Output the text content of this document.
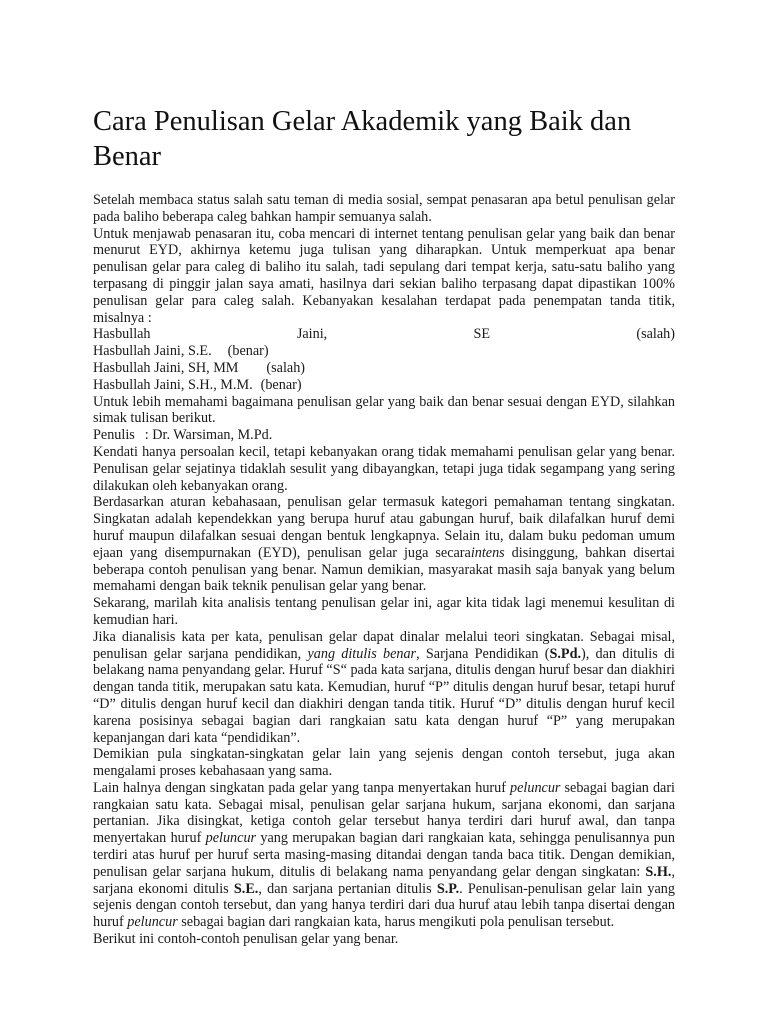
Cara Penulisan Gelar Akademik yang Baik dan Benar

Setelah membaca status salah satu teman di media sosial, sempat penasaran apa betul penulisan gelar pada baliho beberapa caleg bahkan hampir semuanya salah.

Untuk menjawab penasaran itu, coba mencari di internet tentang penulisan gelar yang baik dan benar menurut EYD, akhirnya ketemu juga tulisan yang diharapkan. Untuk memperkuat apa benar penulisan gelar para caleg di baliho itu salah, tadi sepulang dari tempat kerja, satu-satu baliho yang terpasang di pinggir jalan saya amati, hasilnya dari sekian baliho terpasang dapat dipastikan 100% penulisan gelar para caleg salah. Kebanyakan kesalahan terdapat pada penempatan tanda titik, misalnya :

Hasbullah	Jaini,	SE	(salah)
Hasbullah Jaini, S.E. (benar)
Hasbullah Jaini, SH, MM (salah)
Hasbullah Jaini, S.H., M.M. (benar)

Untuk lebih memahami bagaimana penulisan gelar yang baik dan benar sesuai dengan EYD, silahkan simak tulisan berikut.

Penulis : Dr. Warsiman, M.Pd.

Kendati hanya persoalan kecil, tetapi kebanyakan orang tidak memahami penulisan gelar yang benar. Penulisan gelar sejatinya tidaklah sesulit yang dibayangkan, tetapi juga tidak segampang yang sering dilakukan oleh kebanyakan orang.

Berdasarkan aturan kebahasaan, penulisan gelar termasuk kategori pemahaman tentang singkatan. Singkatan adalah kependekkan yang berupa huruf atau gabungan huruf, baik dilafalkan huruf demi huruf maupun dilafalkan sesuai dengan bentuk lengkapnya. Selain itu, dalam buku pedoman umum ejaan yang disempurnakan (EYD), penulisan gelar juga secaraintens disinggung, bahkan disertai beberapa contoh penulisan yang benar. Namun demikian, masyarakat masih saja banyak yang belum memahami dengan baik teknik penulisan gelar yang benar.

Sekarang, marilah kita analisis tentang penulisan gelar ini, agar kita tidak lagi menemui kesulitan di kemudian hari.

Jika dianalisis kata per kata, penulisan gelar dapat dinalar melalui teori singkatan. Sebagai misal, penulisan gelar sarjana pendidikan, yang ditulis benar, Sarjana Pendidikan (S.Pd.), dan ditulis di belakang nama penyandang gelar. Huruf “S“ pada kata sarjana, ditulis dengan huruf besar dan diakhiri dengan tanda titik, merupakan satu kata. Kemudian, huruf “P” ditulis dengan huruf besar, tetapi huruf “D” ditulis dengan huruf kecil dan diakhiri dengan tanda titik. Huruf “D” ditulis dengan huruf kecil karena posisinya sebagai bagian dari rangkaian satu kata dengan huruf “P” yang merupakan kepanjangan dari kata “pendidikan”.

Demikian pula singkatan-singkatan gelar lain yang sejenis dengan contoh tersebut, juga akan mengalami proses kebahasaan yang sama.

Lain halnya dengan singkatan pada gelar yang tanpa menyertakan huruf peluncur sebagai bagian dari rangkaian satu kata. Sebagai misal, penulisan gelar sarjana hukum, sarjana ekonomi, dan sarjana pertanian. Jika disingkat, ketiga contoh gelar tersebut hanya terdiri dari huruf awal, dan tanpa menyertakan huruf peluncur yang merupakan bagian dari rangkaian kata, sehingga penulisannya pun terdiri atas huruf per huruf serta masing-masing ditandai dengan tanda baca titik. Dengan demikian, penulisan gelar sarjana hukum, ditulis di belakang nama penyandang gelar dengan singkatan: S.H., sarjana ekonomi ditulis S.E., dan sarjana pertanian ditulis S.P.. Penulisan-penulisan gelar lain yang sejenis dengan contoh tersebut, dan yang hanya terdiri dari dua huruf atau lebih tanpa disertai dengan huruf peluncur sebagai bagian dari rangkaian kata, harus mengikuti pola penulisan tersebut.

Berikut ini contoh-contoh penulisan gelar yang benar.
